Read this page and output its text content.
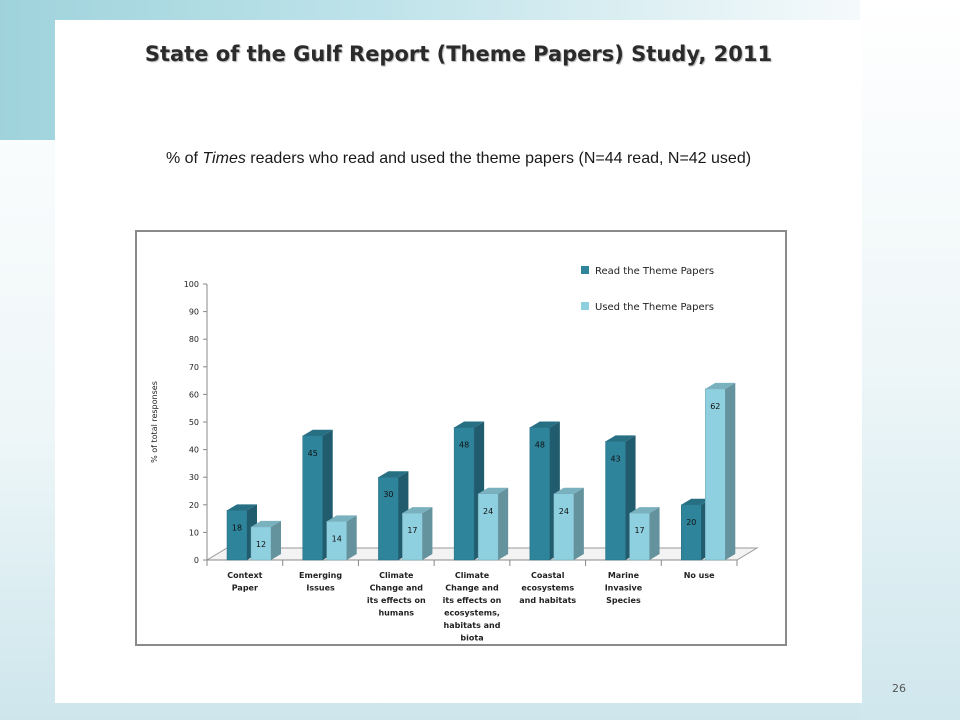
State of the Gulf Report (Theme Papers) Study, 2011
% of Times readers who read and used the theme papers (N=44 read, N=42 used)
0
10
20
30
40
50
60
70
80
90
100
% of total responses
Context
Paper
18
12
Emerging
Issues
45
14
Climate
Change and
its effects on
humans
30
17
Climate
Change and
its effects on
ecosystems,
habitats and
biota
48
24
Coastal
ecosystems
and habitats
48
24
Marine
Invasive
Species
43
17
No use
20
62
Read the Theme Papers
Used the Theme Papers
26
